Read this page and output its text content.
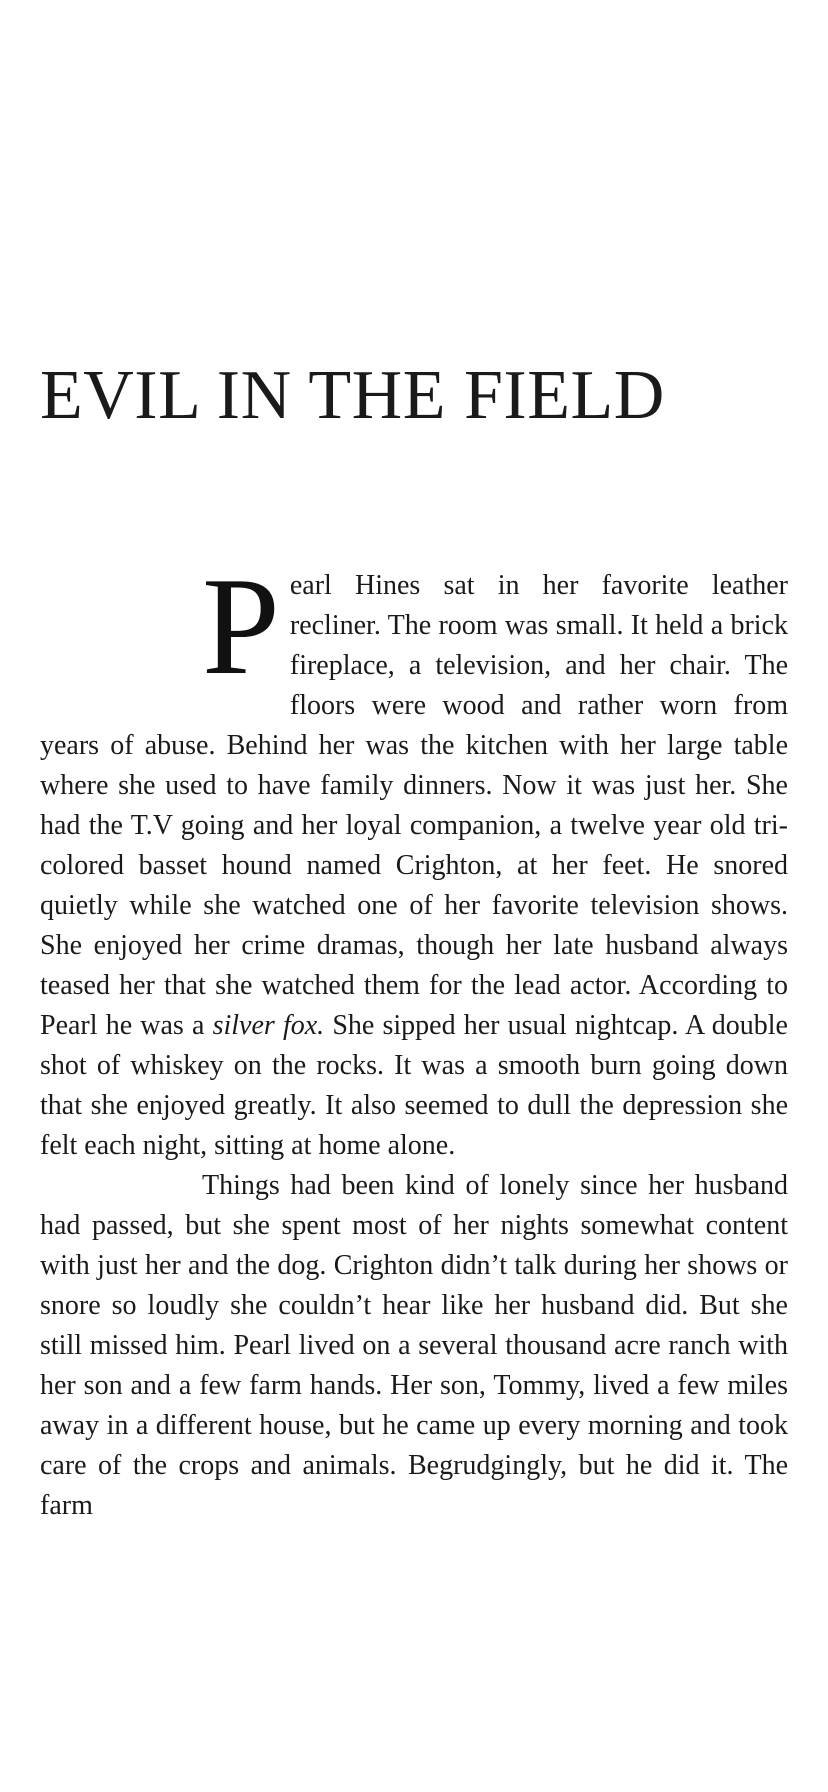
EVIL IN THE FIELD

Pearl Hines sat in her favorite leather recliner. The room was small. It held a brick fireplace, a television, and her chair. The floors were wood and rather worn from years of abuse. Behind her was the kitchen with her large table where she used to have family dinners. Now it was just her. She had the T.V going and her loyal companion, a twelve year old tri-colored basset hound named Crighton, at her feet. He snored quietly while she watched one of her favorite television shows. She enjoyed her crime dramas, though her late husband always teased her that she watched them for the lead actor. According to Pearl he was a silver fox. She sipped her usual nightcap. A double shot of whiskey on the rocks. It was a smooth burn going down that she enjoyed greatly. It also seemed to dull the depression she felt each night, sitting at home alone.

Things had been kind of lonely since her husband had passed, but she spent most of her nights somewhat content with just her and the dog. Crighton didn’t talk during her shows or snore so loudly she couldn’t hear like her husband did. But she still missed him. Pearl lived on a several thousand acre ranch with her son and a few farm hands. Her son, Tommy, lived a few miles away in a different house, but he came up every morning and took care of the crops and animals. Begrudgingly, but he did it. The farm
